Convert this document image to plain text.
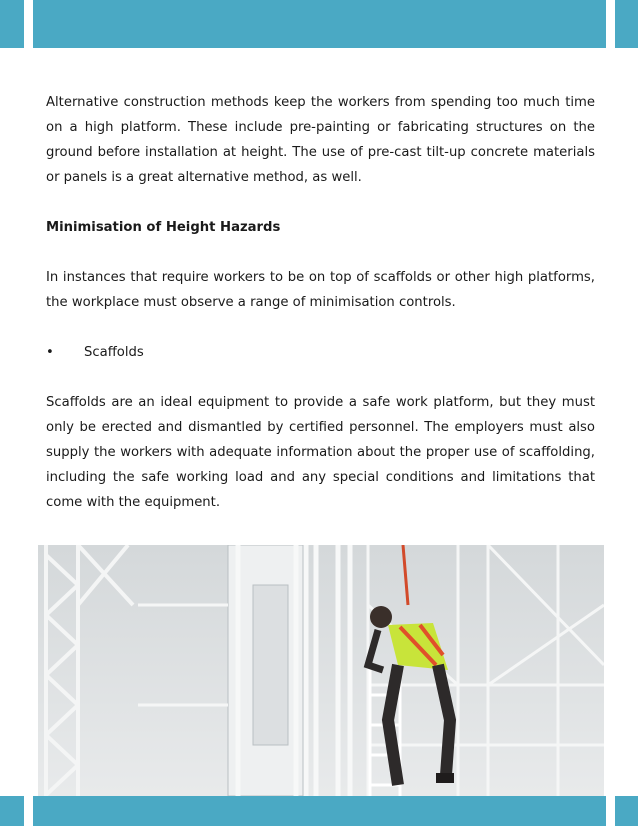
Alternative construction methods keep the workers from spending too much time on a high platform. These include pre-painting or fabricating structures on the ground before installation at height. The use of pre-cast tilt-up concrete materials or panels is a great alternative method, as well.

Minimisation of Height Hazards

In instances that require workers to be on top of scaffolds or other high platforms, the workplace must observe a range of minimisation controls.

•	Scaffolds

Scaffolds are an ideal equipment to provide a safe work platform, but they must only be erected and dismantled by certified personnel. The employers must also supply the workers with adequate information about the proper use of scaffolding, including the safe working load and any special conditions and limitations that come with the equipment.
